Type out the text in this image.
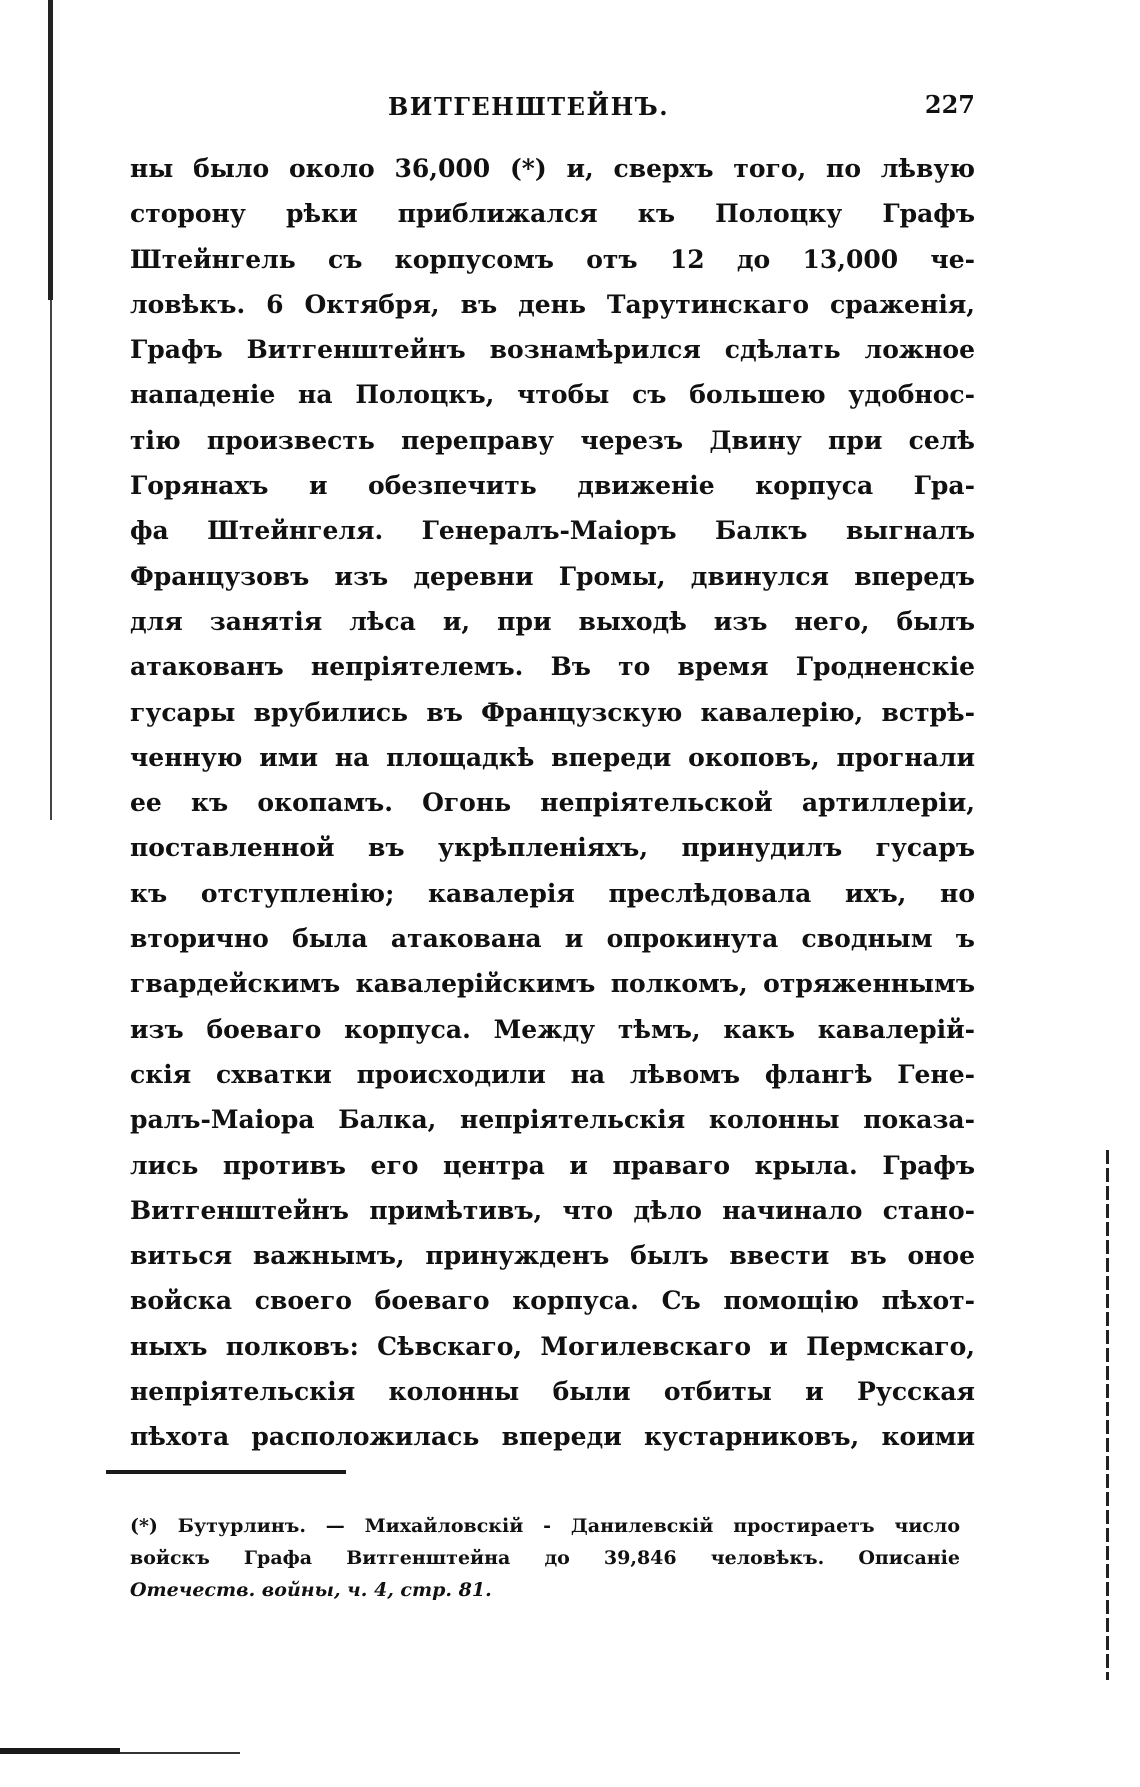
ВИТГЕНШТЕЙНЪ.	227
ны было около 36,000 (*) и, сверхъ того, по лѣвую
сторону рѣки приближался къ Полоцку Графъ
Штейнгель съ корпусомъ отъ 12 до 13,000 че-
ловѣкъ. 6 Октября, въ день Тарутинскаго сраженія,
Графъ Витгенштейнъ вознамѣрился сдѣлать ложное
нападеніе на Полоцкъ, чтобы съ большею удобнос-
тію произвесть переправу черезъ Двину при селѣ
Горянахъ и обезпечить движеніе корпуса Гра-
фа Штейнгеля. Генералъ-Маіоръ Балкъ выгналъ
Французовъ изъ деревни Громы, двинулся впередъ
для занятія лѣса и, при выходѣ изъ него, былъ
атакованъ непріятелемъ. Въ то время Гродненскіе
гусары врубились въ Французскую кавалерію, встрѣ-
ченную ими на площадкѣ впереди окоповъ, прогнали
ее къ окопамъ. Огонь непріятельской артиллеріи,
поставленной въ укрѣпленіяхъ, принудилъ гусаръ
къ отступленію; кавалерія преслѣдовала ихъ, но
вторично была атакована и опрокинута сводным ъ
гвардейскимъ кавалерійскимъ полкомъ, отряженнымъ
изъ боеваго корпуса. Между тѣмъ, какъ кавалерій-
скія схватки происходили на лѣвомъ флангѣ Гене-
ралъ-Маіора Балка, непріятельскія колонны показа-
лись противъ его центра и праваго крыла. Графъ
Витгенштейнъ примѣтивъ, что дѣло начинало стано-
виться важнымъ, принужденъ былъ ввести въ оное
войска своего боеваго корпуса. Съ помощію пѣхот-
ныхъ полковъ: Сѣвскаго, Могилевскаго и Пермскаго,
непріятельскія колонны были отбиты и Русская
пѣхота расположилась впереди кустарниковъ, коими
(*) Бутурлинъ. — Михайловскій - Данилевскій простираетъ число
войскъ Графа Витгенштейна до 39,846 человѣкъ. Описаніе
Отечеств. войны, ч. 4, стр. 81.
